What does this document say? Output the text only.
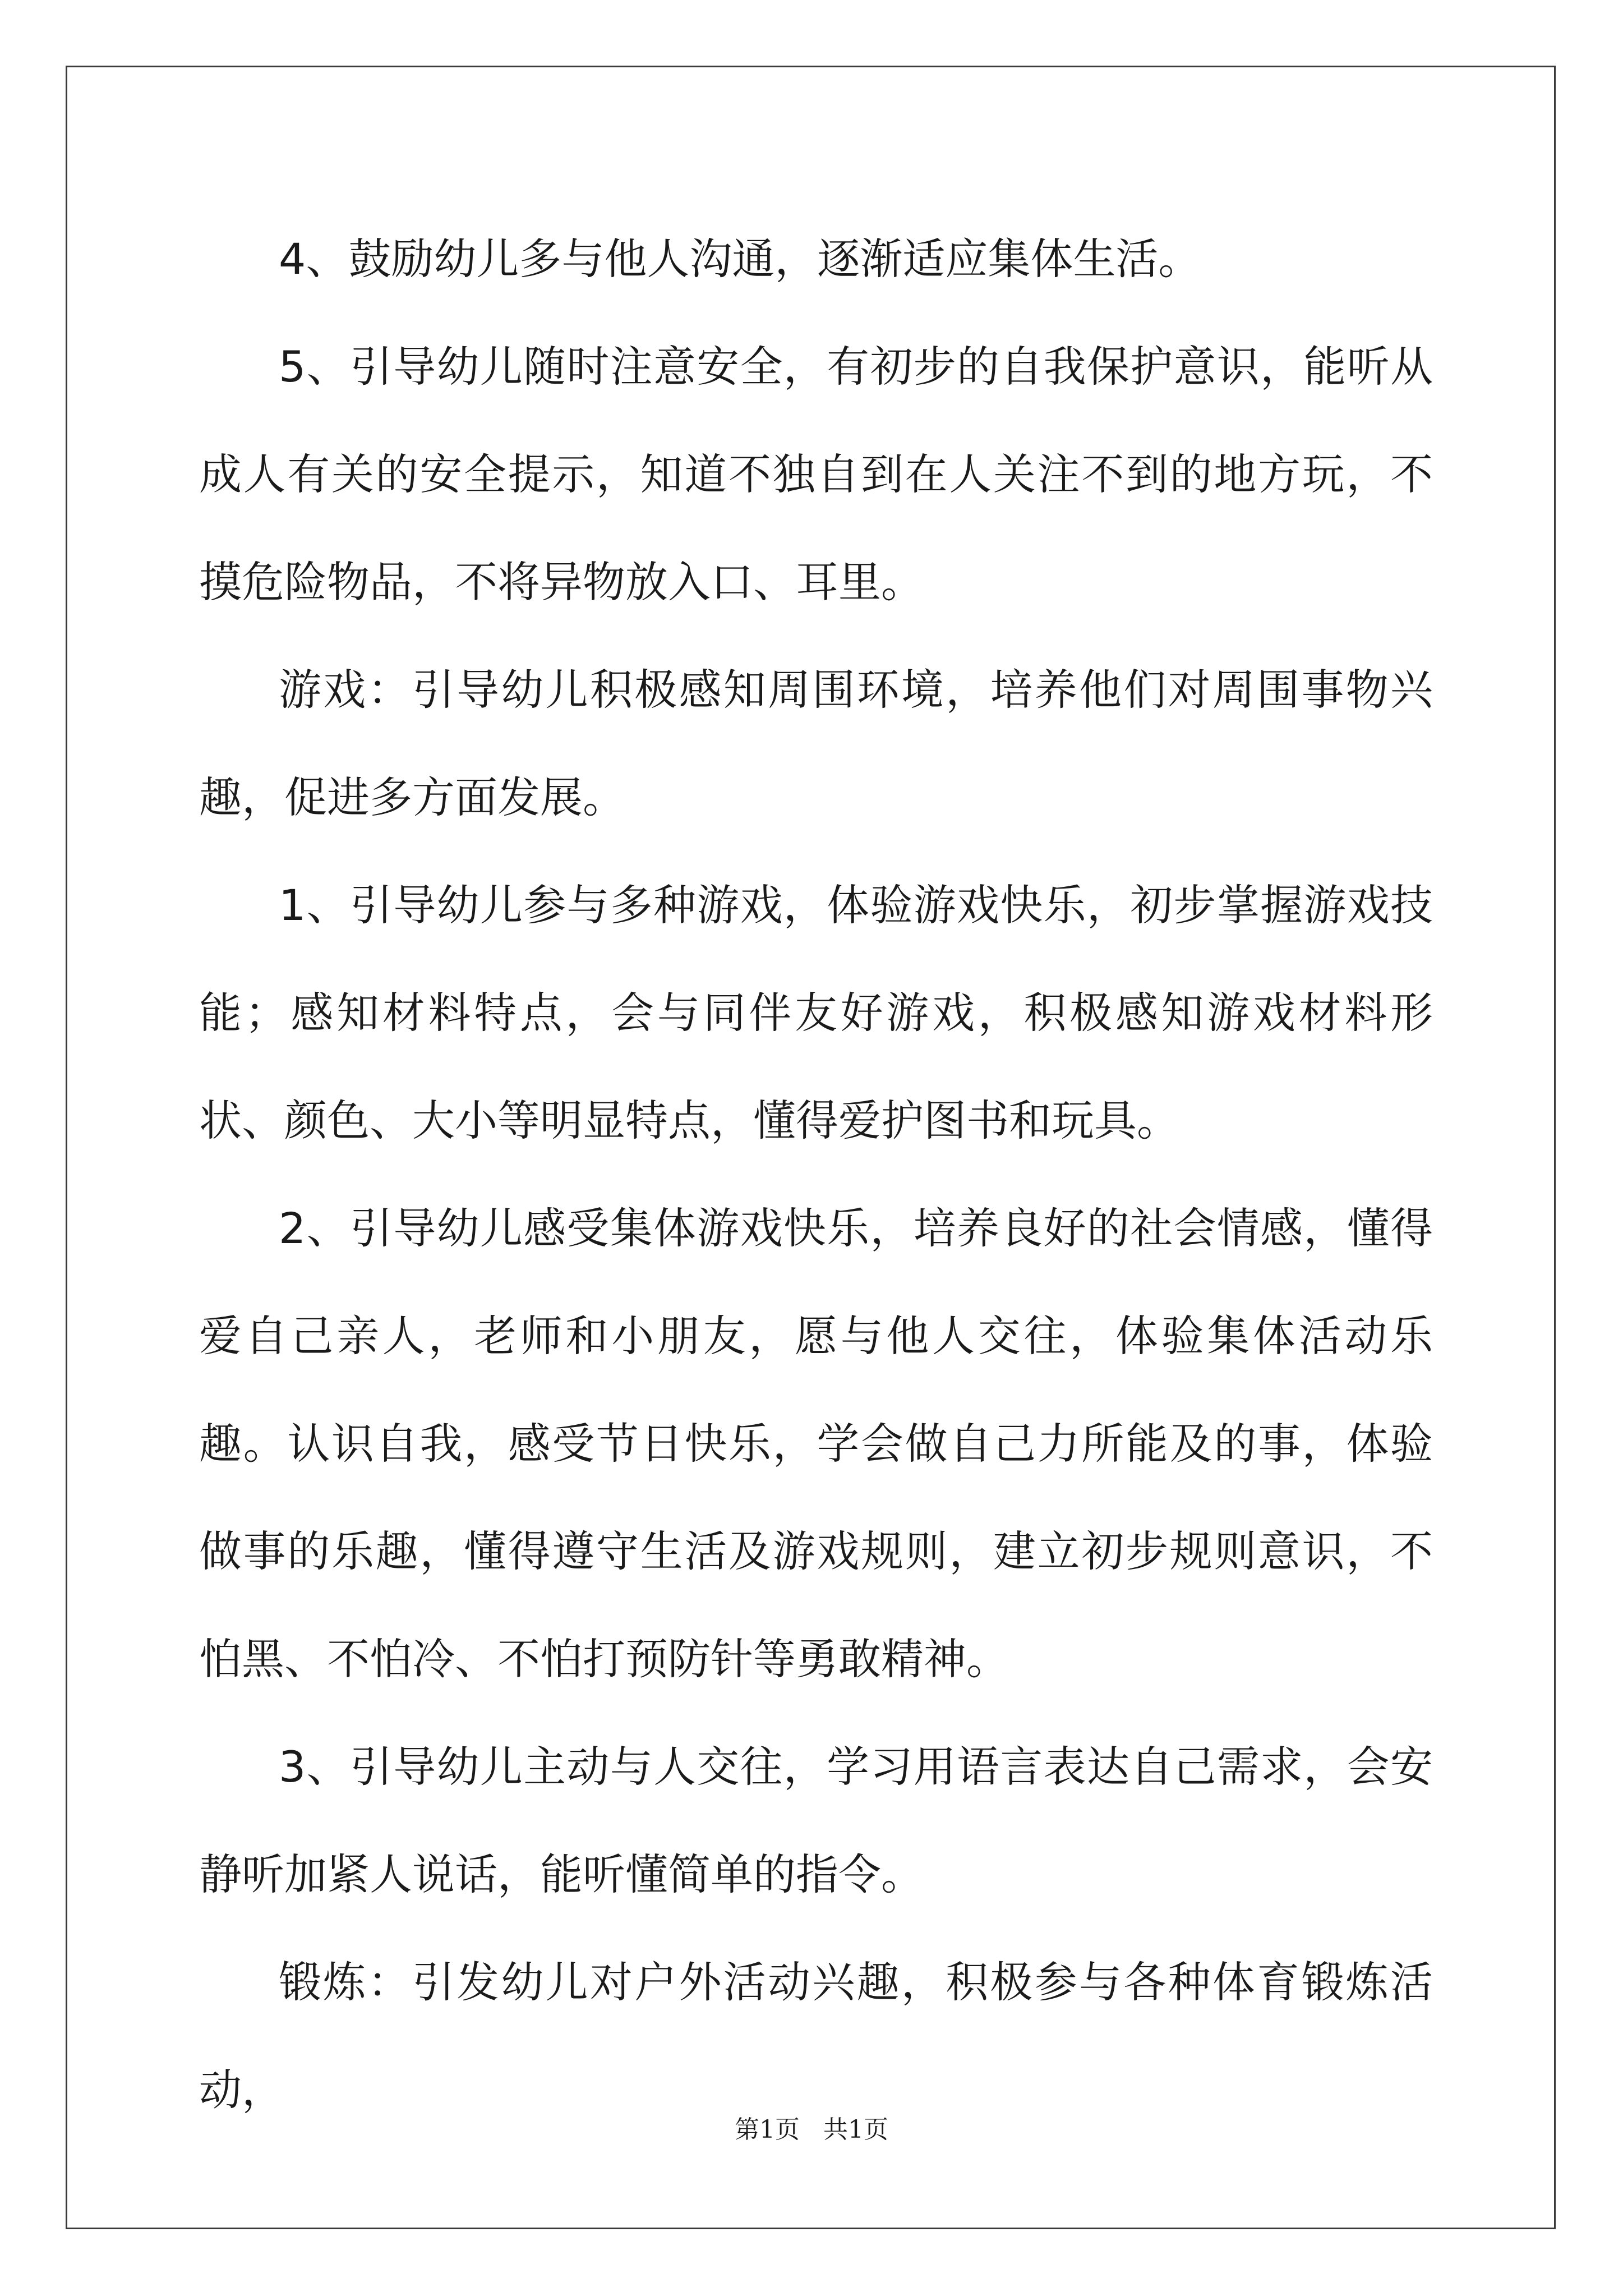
4、鼓励幼儿多与他人沟通，逐渐适应集体生活。

5、引导幼儿随时注意安全，有初步的自我保护意识，能听从成人有关的安全提示，知道不独自到在人关注不到的地方玩，不摸危险物品，不将异物放入口、耳里。

游戏：引导幼儿积极感知周围环境，培养他们对周围事物兴趣，促进多方面发展。

1、引导幼儿参与多种游戏，体验游戏快乐，初步掌握游戏技能；感知材料特点，会与同伴友好游戏，积极感知游戏材料形状、颜色、大小等明显特点，懂得爱护图书和玩具。

2、引导幼儿感受集体游戏快乐，培养良好的社会情感，懂得爱自己亲人，老师和小朋友，愿与他人交往，体验集体活动乐趣。认识自我，感受节日快乐，学会做自己力所能及的事，体验做事的乐趣，懂得遵守生活及游戏规则，建立初步规则意识，不怕黑、不怕冷、不怕打预防针等勇敢精神。

3、引导幼儿主动与人交往，学习用语言表达自己需求，会安静听加紧人说话，能听懂简单的指令。

锻炼：引发幼儿对户外活动兴趣，积极参与各种体育锻炼活动，

第1页   共1页
